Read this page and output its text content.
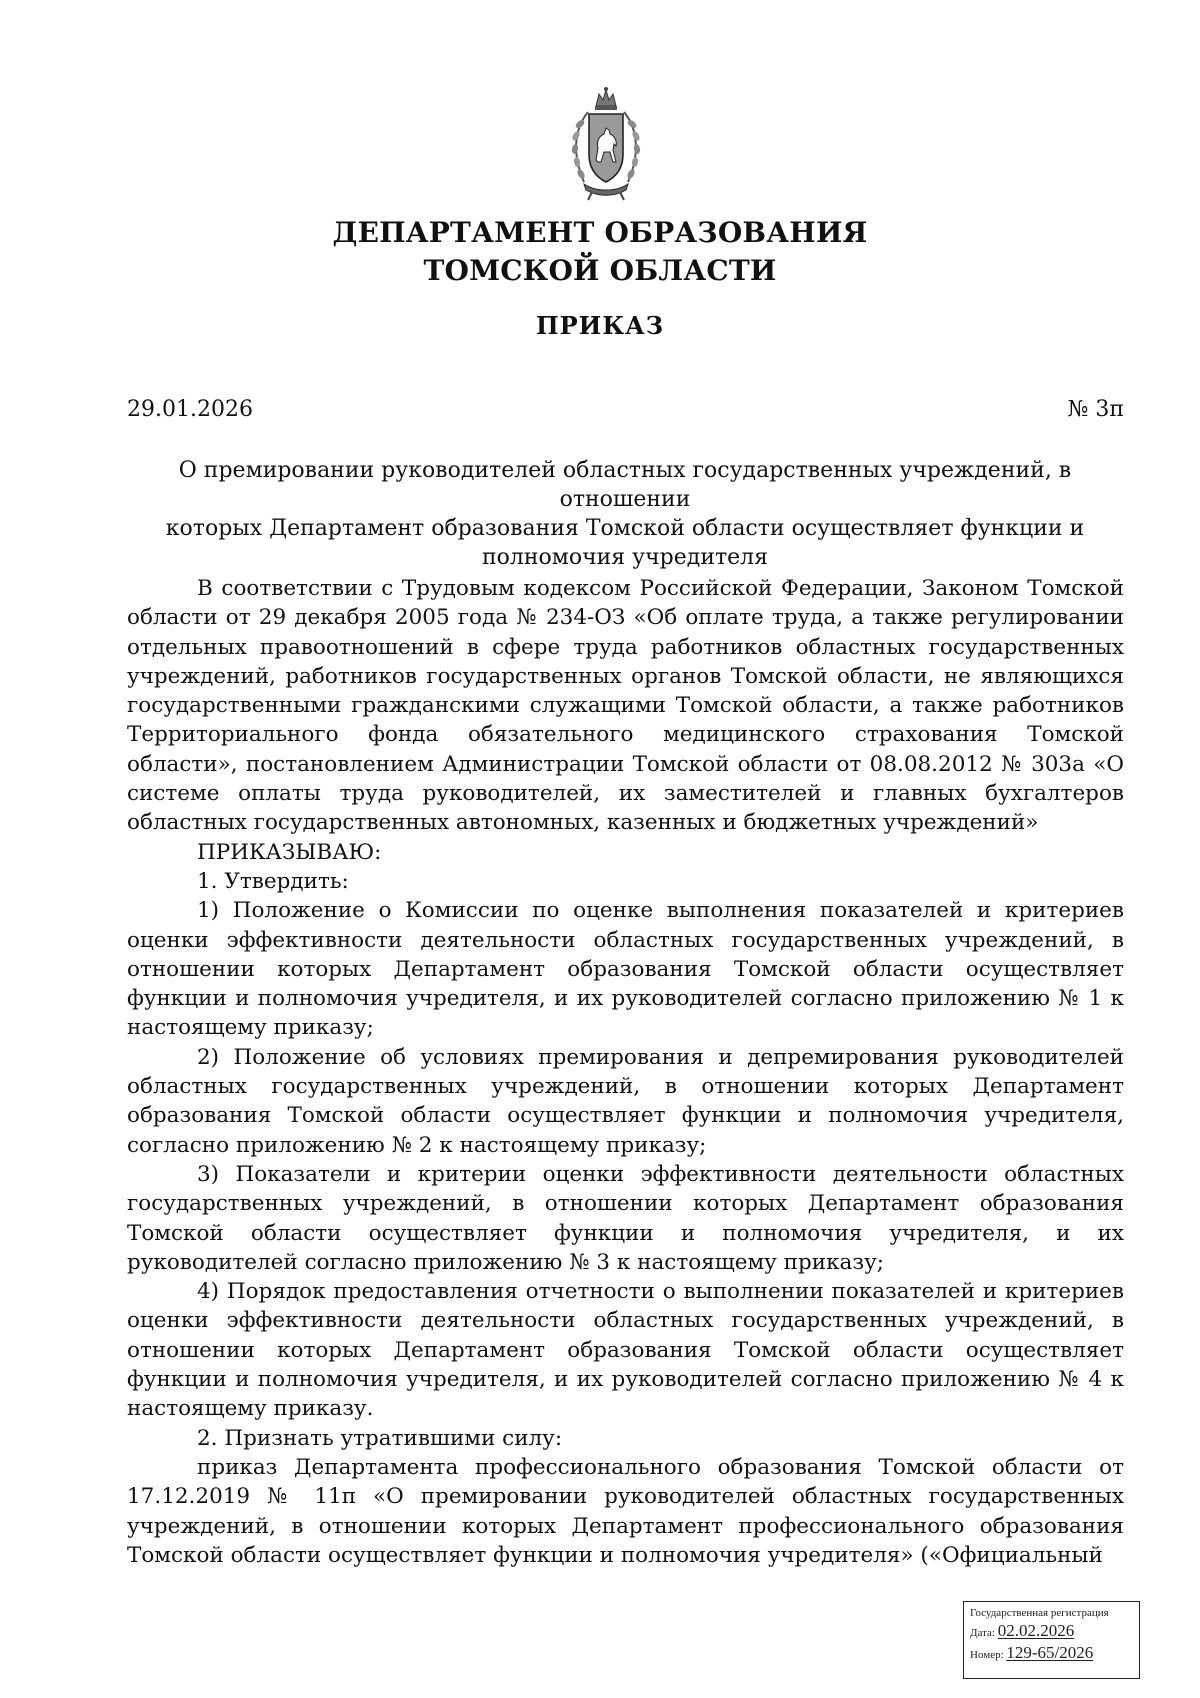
ДЕПАРТАМЕНТ ОБРАЗОВАНИЯ
ТОМСКОЙ ОБЛАСТИ
ПРИКАЗ
29.01.2026	№ 3п
О премировании руководителей областных государственных учреждений, в отношении
которых Департамент образования Томской области осуществляет функции и
полномочия учредителя

В соответствии с Трудовым кодексом Российской Федерации, Законом Томской области от 29 декабря 2005 года № 234-ОЗ «Об оплате труда, а также регулировании отдельных правоотношений в сфере труда работников областных государственных учреждений, работников государственных органов Томской области, не являющихся государственными гражданскими служащими Томской области, а также работников Территориального фонда обязательного медицинского страхования Томской области», постановлением Администрации Томской области от 08.08.2012 № 303а «О системе оплаты труда руководителей, их заместителей и главных бухгалтеров областных государственных автономных, казенных и бюджетных учреждений»

ПРИКАЗЫВАЮ:

1. Утвердить:

1) Положение о Комиссии по оценке выполнения показателей и критериев оценки эффективности деятельности областных государственных учреждений, в отношении которых Департамент образования Томской области осуществляет функции и полномочия учредителя, и их руководителей согласно приложению № 1 к настоящему приказу;

2) Положение об условиях премирования и депремирования руководителей областных государственных учреждений, в отношении которых Департамент образования Томской области осуществляет функции и полномочия учредителя, согласно приложению № 2 к настоящему приказу;

3) Показатели и критерии оценки эффективности деятельности областных государственных учреждений, в отношении которых Департамент образования Томской области осуществляет функции и полномочия учредителя, и их руководителей согласно приложению № 3 к настоящему приказу;

4) Порядок предоставления отчетности о выполнении показателей и критериев оценки эффективности деятельности областных государственных учреждений, в отношении которых Департамент образования Томской области осуществляет функции и полномочия учредителя, и их руководителей согласно приложению № 4 к настоящему приказу.

2. Признать утратившими силу:

приказ Департамента профессионального образования Томской области от 17.12.2019 № 11п «О премировании руководителей областных государственных учреждений, в отношении которых Департамент профессионального образования Томской области осуществляет функции и полномочия учредителя» («Официальный

Государственная регистрация
Дата: 02.02.2026
Номер: 129-65/2026
